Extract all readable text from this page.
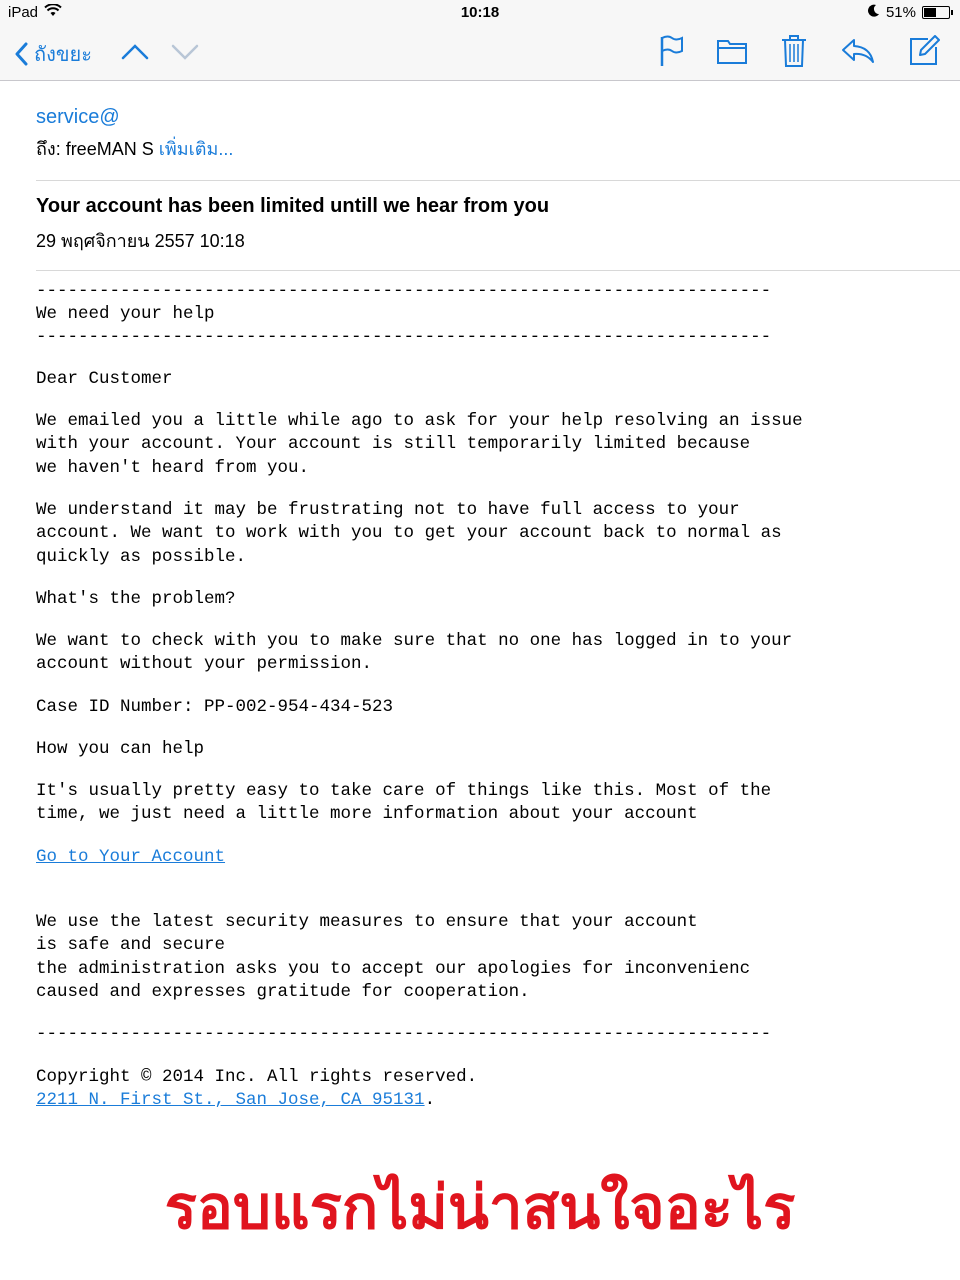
iPad	10:18	51%
ถังขยะ
service@
ถึง: freeMAN S เพิ่มเติม...
Your account has been limited untill we hear from you
29 พฤศจิกายน 2557 10:18
----------------------------------------------------------------------
We need your help
----------------------------------------------------------------------
Dear Customer
We emailed you a little while ago to ask for your help resolving an issue
with your account. Your account is still temporarily limited because
we haven't heard from you.
We understand it may be frustrating not to have full access to your
account. We want to work with you to get your account back to normal as
quickly as possible.
What's the problem?
We want to check with you to make sure that no one has logged in to your
account without your permission.
Case ID Number: PP-002-954-434-523
How you can help
It's usually pretty easy to take care of things like this. Most of the
time, we just need a little more information about your account
Go to Your Account
We use the latest security measures to ensure that your account
is safe and secure
the administration asks you to accept our apologies for inconvenienc
caused and expresses gratitude for cooperation.
----------------------------------------------------------------------
Copyright © 2014 Inc. All rights reserved.
2211 N. First St., San Jose, CA 95131.
รอบแรกไม่น่าสนใจอะไร
